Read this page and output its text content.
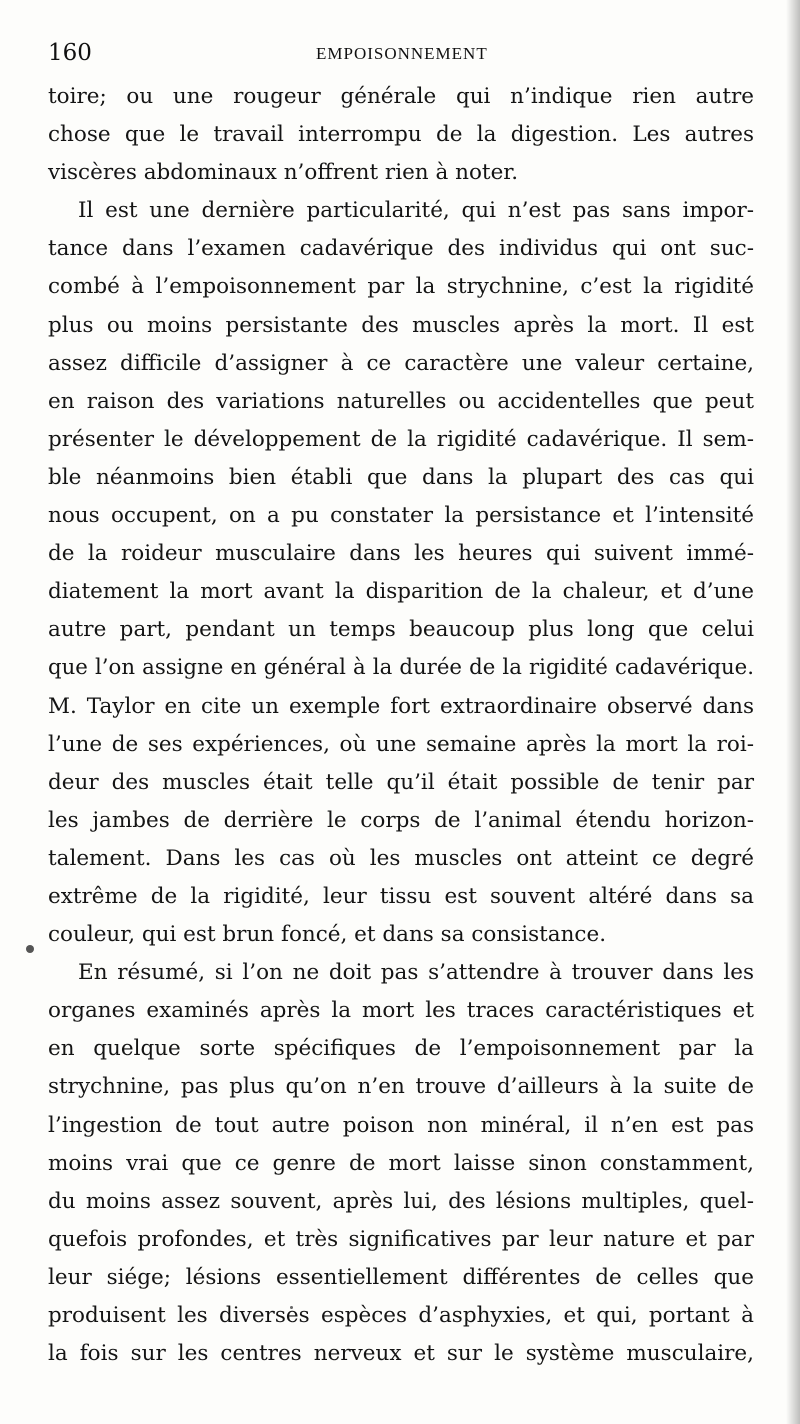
160	EMPOISONNEMENT
toire; ou une rougeur générale qui n’indique rien autre
chose que le travail interrompu de la digestion. Les autres
viscères abdominaux n’offrent rien à noter.
Il est une dernière particularité, qui n’est pas sans impor-
tance dans l’examen cadavérique des individus qui ont suc-
combé à l’empoisonnement par la strychnine, c’est la rigidité
plus ou moins persistante des muscles après la mort. Il est
assez difficile d’assigner à ce caractère une valeur certaine,
en raison des variations naturelles ou accidentelles que peut
présenter le développement de la rigidité cadavérique. Il sem-
ble néanmoins bien établi que dans la plupart des cas qui
nous occupent, on a pu constater la persistance et l’intensité
de la roideur musculaire dans les heures qui suivent immé-
diatement la mort avant la disparition de la chaleur, et d’une
autre part, pendant un temps beaucoup plus long que celui
que l’on assigne en général à la durée de la rigidité cadavérique.
M. Taylor en cite un exemple fort extraordinaire observé dans
l’une de ses expériences, où une semaine après la mort la roi-
deur des muscles était telle qu’il était possible de tenir par
les jambes de derrière le corps de l’animal étendu horizon-
talement. Dans les cas où les muscles ont atteint ce degré
extrême de la rigidité, leur tissu est souvent altéré dans sa
couleur, qui est brun foncé, et dans sa consistance.
En résumé, si l’on ne doit pas s’attendre à trouver dans les
organes examinés après la mort les traces caractéristiques et
en quelque sorte spécifiques de l’empoisonnement par la
strychnine, pas plus qu’on n’en trouve d’ailleurs à la suite de
l’ingestion de tout autre poison non minéral, il n’en est pas
moins vrai que ce genre de mort laisse sinon constamment,
du moins assez souvent, après lui, des lésions multiples, quel-
quefois profondes, et très significatives par leur nature et par
leur siége; lésions essentiellement différentes de celles que
produisent les diverses espèces d’asphyxies, et qui, portant à
la fois sur les centres nerveux et sur le système musculaire,
